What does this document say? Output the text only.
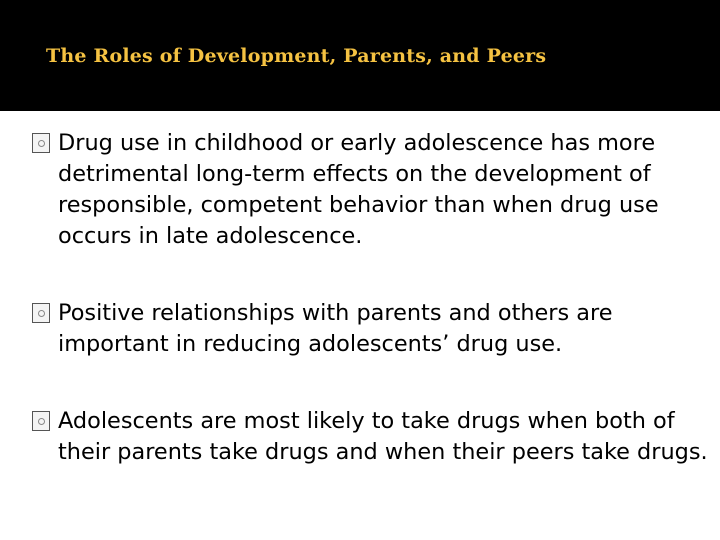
The Roles of Development, Parents, and Peers

Drug use in childhood or early adolescence has more detrimental long-term effects on the development of responsible, competent behavior than when drug use occurs in late adolescence.

Positive relationships with parents and others are important in reducing adolescents’ drug use.

Adolescents are most likely to take drugs when both of their parents take drugs and when their peers take drugs.
